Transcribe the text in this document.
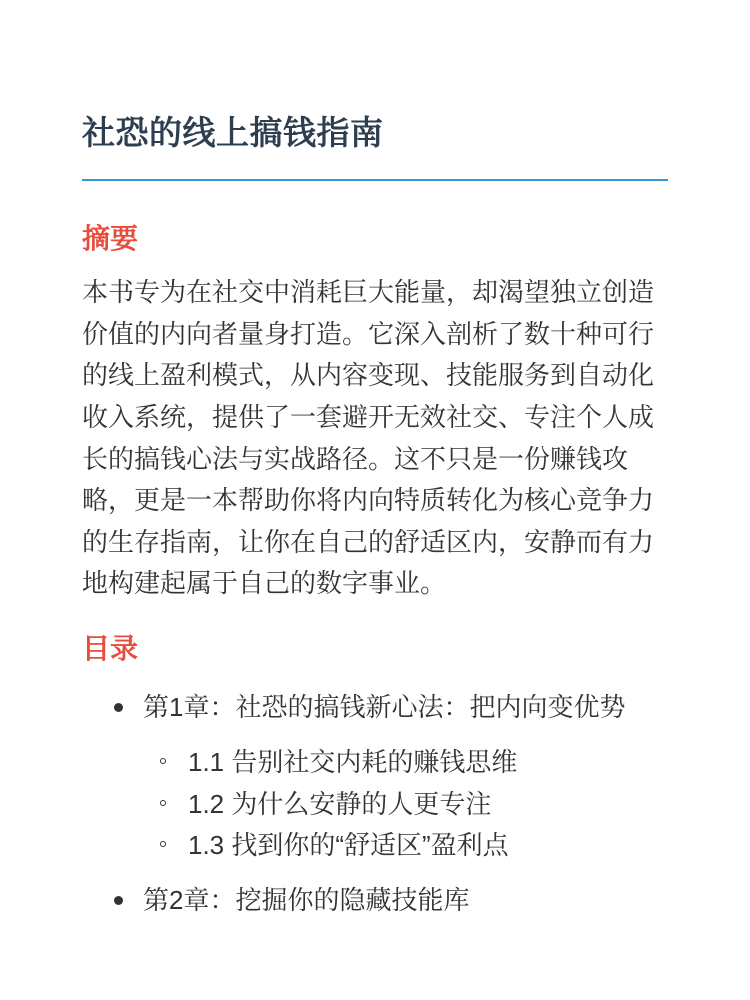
社恐的线上搞钱指南
摘要

本书专为在社交中消耗巨大能量，却渴望独立创造价值的内向者量身打造。它深入剖析了数十种可行的线上盈利模式，从内容变现、技能服务到自动化收入系统，提供了一套避开无效社交、专注个人成长的搞钱心法与实战路径。这不只是一份赚钱攻略，更是一本帮助你将内向特质转化为核心竞争力的生存指南，让你在自己的舒适区内，安静而有力地构建起属于自己的数字事业。

目录
第1章：社恐的搞钱新心法：把内向变优势
1.1 告别社交内耗的赚钱思维
1.2 为什么安静的人更专注
1.3 找到你的“舒适区”盈利点
第2章：挖掘你的隐藏技能库
